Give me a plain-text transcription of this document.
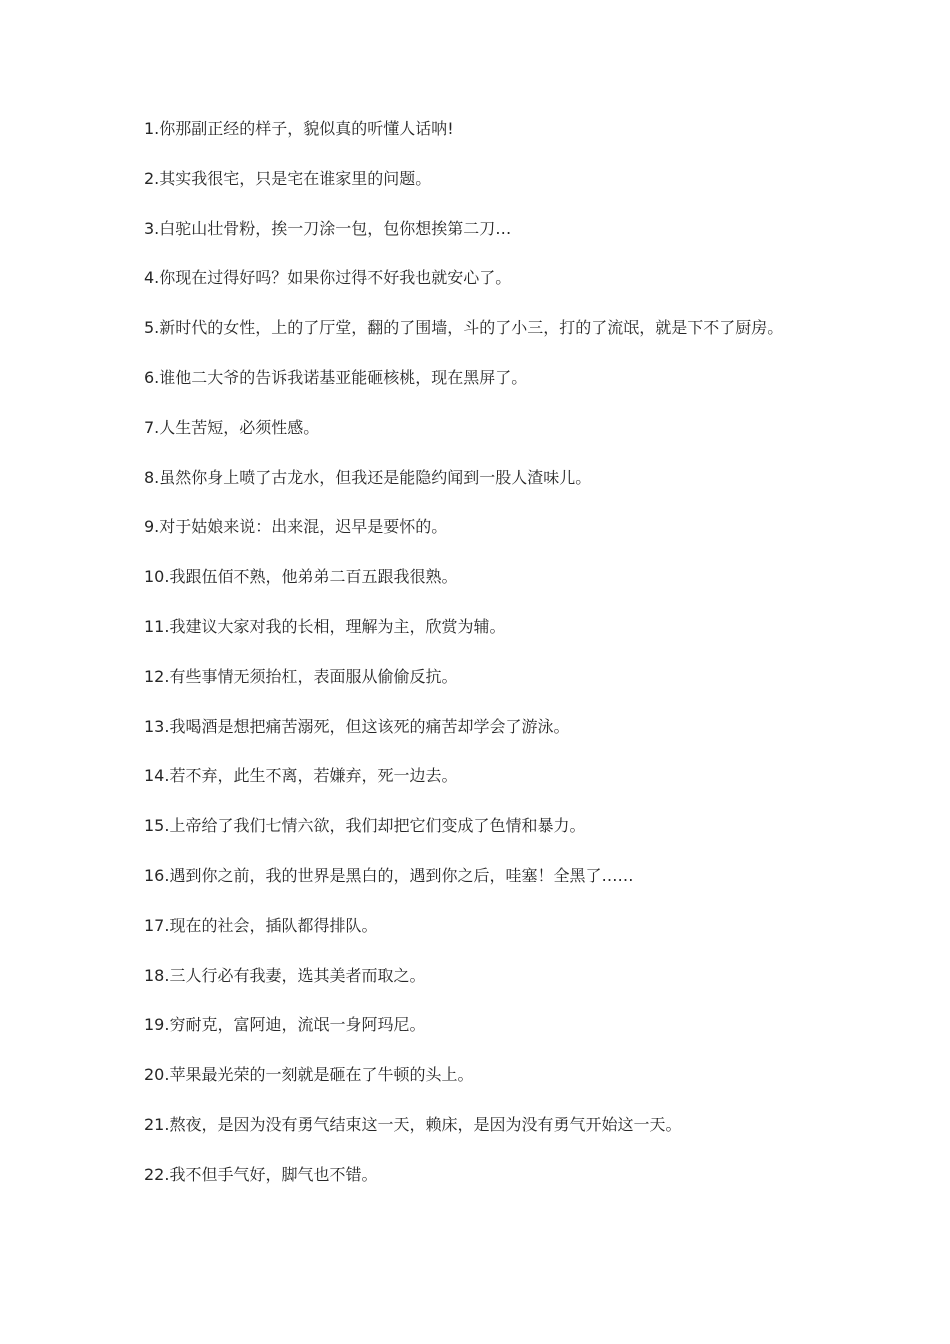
1.你那副正经的样子，貌似真的听懂人话呐!
2.其实我很宅，只是宅在谁家里的问题。
3.白驼山壮骨粉，挨一刀涂一包，包你想挨第二刀…
4.你现在过得好吗？如果你过得不好我也就安心了。
5.新时代的女性，上的了厅堂，翻的了围墙，斗的了小三，打的了流氓，就是下不了厨房。
6.谁他二大爷的告诉我诺基亚能砸核桃，现在黑屏了。
7.人生苦短，必须性感。
8.虽然你身上喷了古龙水，但我还是能隐约闻到一股人渣味儿。
9.对于姑娘来说：出来混，迟早是要怀的。
10.我跟伍佰不熟，他弟弟二百五跟我很熟。
11.我建议大家对我的长相，理解为主，欣赏为辅。
12.有些事情无须抬杠，表面服从偷偷反抗。
13.我喝酒是想把痛苦溺死，但这该死的痛苦却学会了游泳。
14.若不弃，此生不离，若嫌弃，死一边去。
15.上帝给了我们七情六欲，我们却把它们变成了色情和暴力。
16.遇到你之前，我的世界是黑白的，遇到你之后，哇塞！全黑了……
17.现在的社会，插队都得排队。
18.三人行必有我妻，选其美者而取之。
19.穷耐克，富阿迪，流氓一身阿玛尼。
20.苹果最光荣的一刻就是砸在了牛顿的头上。
21.熬夜，是因为没有勇气结束这一天，赖床，是因为没有勇气开始这一天。
22.我不但手气好，脚气也不错。
